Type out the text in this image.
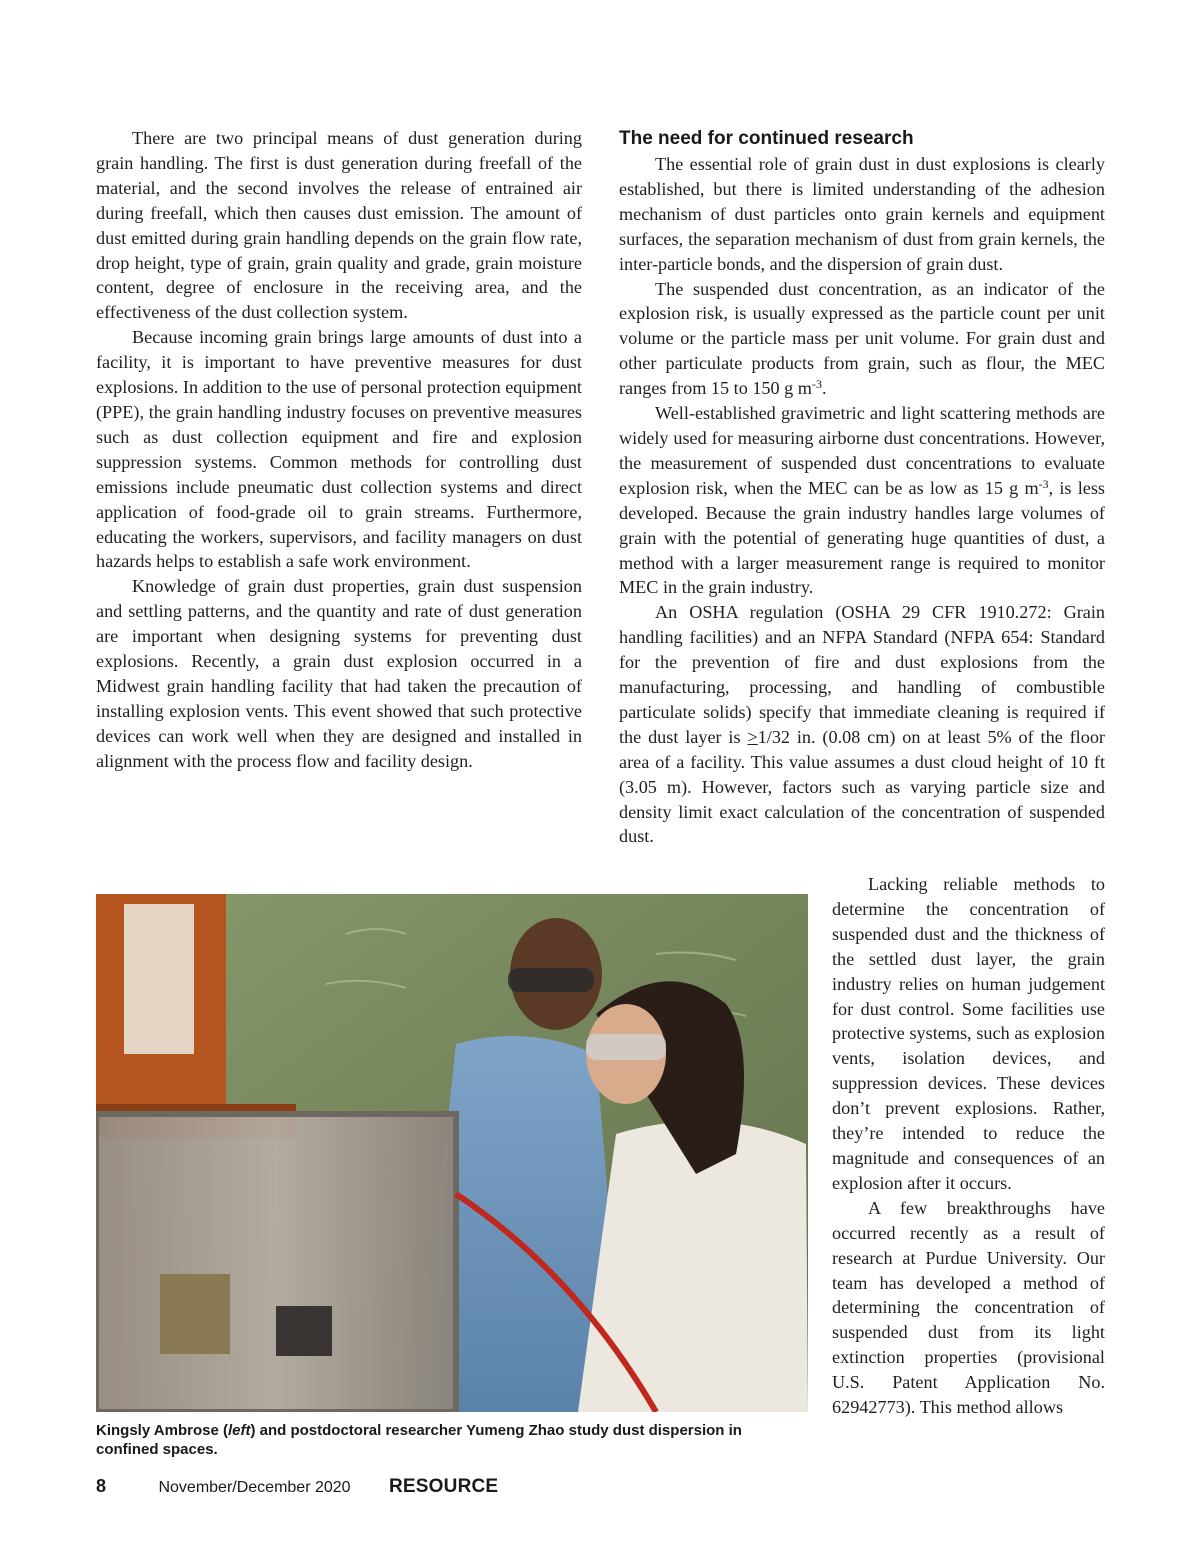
There are two principal means of dust generation during grain handling. The first is dust generation during freefall of the material, and the second involves the release of entrained air during freefall, which then causes dust emission. The amount of dust emitted during grain handling depends on the grain flow rate, drop height, type of grain, grain quality and grade, grain moisture content, degree of enclosure in the receiving area, and the effectiveness of the dust collection system.

Because incoming grain brings large amounts of dust into a facility, it is important to have preventive measures for dust explosions. In addition to the use of personal protection equipment (PPE), the grain handling industry focuses on preventive measures such as dust collection equipment and fire and explosion suppression systems. Common methods for controlling dust emissions include pneumatic dust collection systems and direct application of food-grade oil to grain streams. Furthermore, educating the workers, supervisors, and facility managers on dust hazards helps to establish a safe work environment.

Knowledge of grain dust properties, grain dust suspension and settling patterns, and the quantity and rate of dust generation are important when designing systems for preventing dust explosions. Recently, a grain dust explosion occurred in a Midwest grain handling facility that had taken the precaution of installing explosion vents. This event showed that such protective devices can work well when they are designed and installed in alignment with the process flow and facility design.

The need for continued research

The essential role of grain dust in dust explosions is clearly established, but there is limited understanding of the adhesion mechanism of dust particles onto grain kernels and equipment surfaces, the separation mechanism of dust from grain kernels, the inter-particle bonds, and the dispersion of grain dust.

The suspended dust concentration, as an indicator of the explosion risk, is usually expressed as the particle count per unit volume or the particle mass per unit volume. For grain dust and other particulate products from grain, such as flour, the MEC ranges from 15 to 150 g $m^{-3}$.

Well-established gravimetric and light scattering methods are widely used for measuring airborne dust concentrations. However, the measurement of suspended dust concentrations to evaluate explosion risk, when the MEC can be as low as 15 g $m^{-3}$, is less developed. Because the grain industry handles large volumes of grain with the potential of generating huge quantities of dust, a method with a larger measurement range is required to monitor MEC in the grain industry.

An OSHA regulation (OSHA 29 CFR 1910.272: Grain handling facilities) and an NFPA Standard (NFPA 654: Standard for the prevention of fire and dust explosions from the manufacturing, processing, and handling of combustible particulate solids) specify that immediate cleaning is required if the dust layer is >1/32 in. (0.08 cm) on at least 5% of the floor area of a facility. This value assumes a dust cloud height of 10 ft (3.05 m). However, factors such as varying particle size and density limit exact calculation of the concentration of suspended dust.

Lacking reliable methods to determine the concentration of suspended dust and the thickness of the settled dust layer, the grain industry relies on human judgement for dust control. Some facilities use protective systems, such as explosion vents, isolation devices, and suppression devices. These devices don’t prevent explosions. Rather, they’re intended to reduce the magnitude and consequences of an explosion after it occurs.

A few breakthroughs have occurred recently as a result of research at Purdue University. Our team has developed a method of determining the concentration of suspended dust from its light extinction properties (provisional U.S. Patent Application No. 62942773). This method allows

Kingsly Ambrose (left) and postdoctoral researcher Yumeng Zhao study dust dispersion in confined spaces.
8	November/December 2020 RESOURCE
